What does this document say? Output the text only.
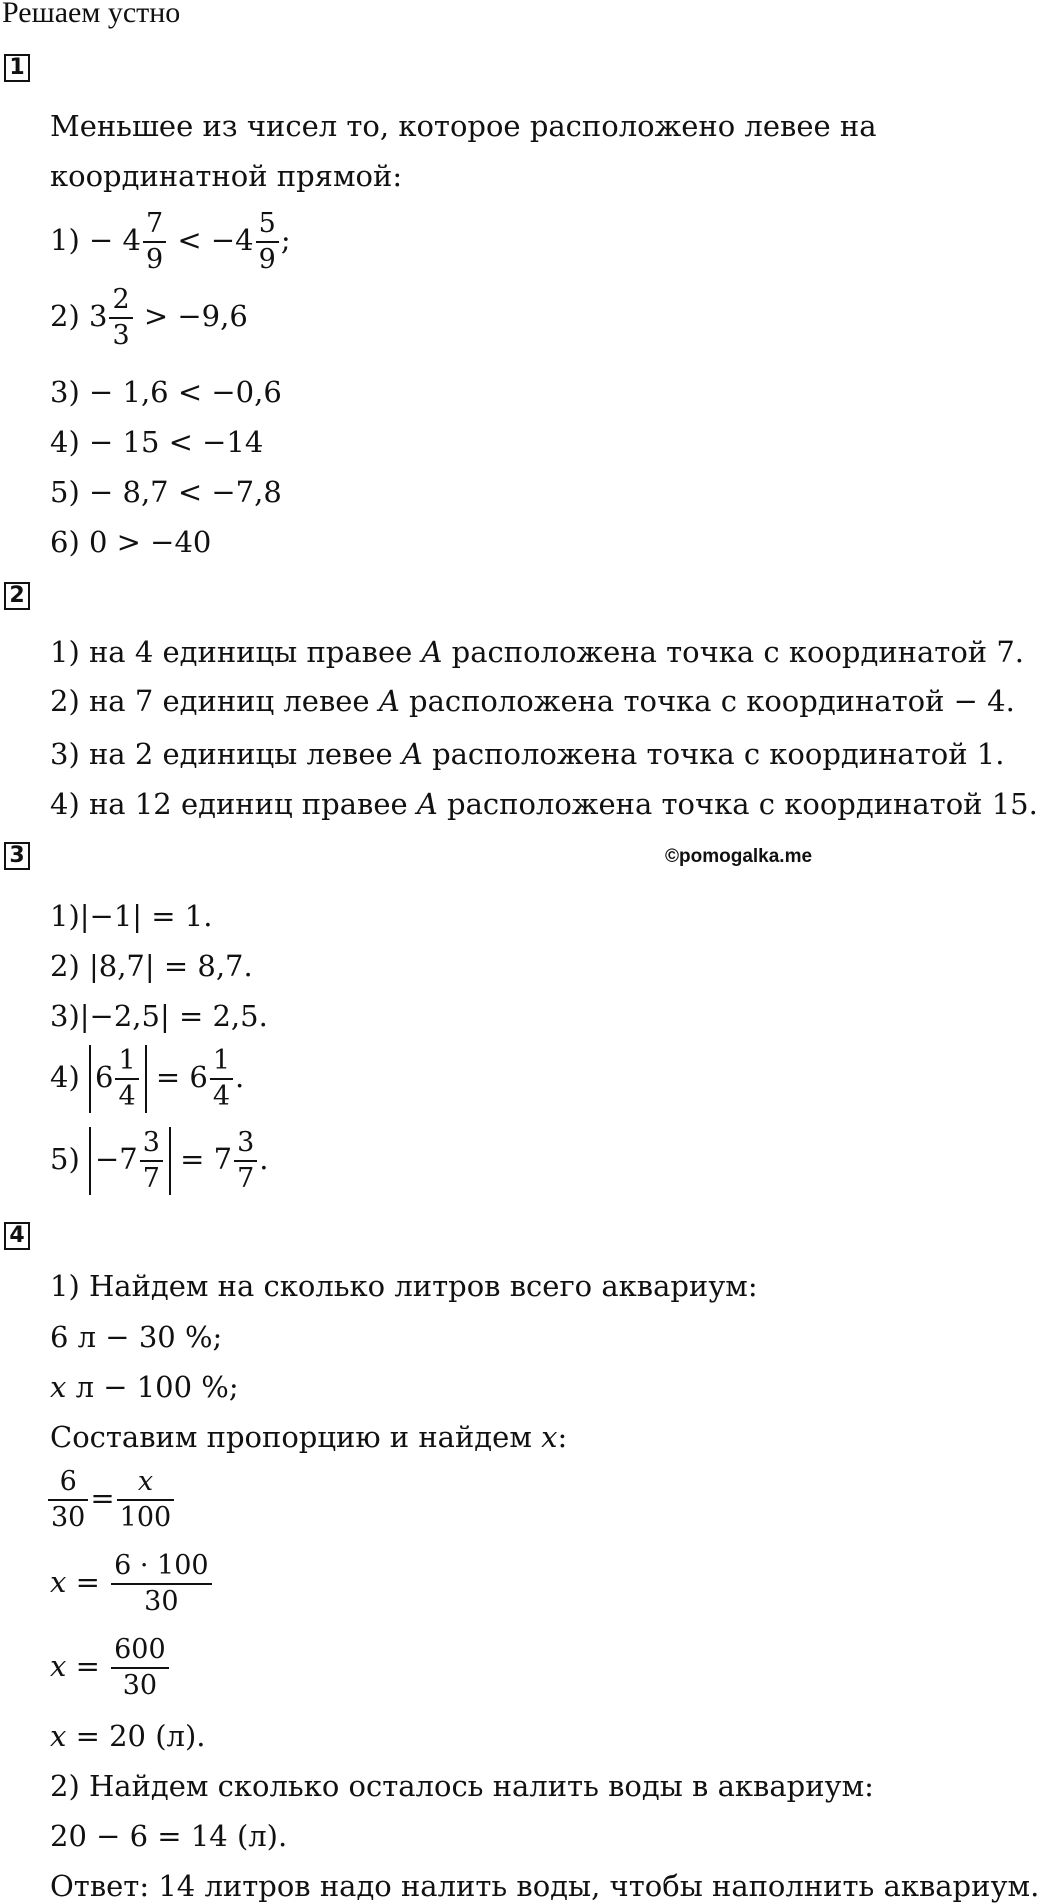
Решаем устно
1
Меньшее из чисел то, которое расположено левее на
координатной прямой:
$1) - 4 \frac{7}{9} < -4 \frac{5}{9}$ ;
2) $3 \frac{2}{3} > -9,6$
3) − 1,6 < −0,6
4) − 15 < −14
5) − 8,7 < −7,8
6) 0 > −40
2
1) на 4 единицы правее A расположена точка с координатой 7.
2) на 7 единиц левее A расположена точка с координатой − 4.
3) на 2 единицы левее A расположена точка с координатой 1.
4) на 12 единиц правее A расположена точка с координатой 15.
3	©pomogalka.me
1)|−1| = 1.
2) |8,7| = 8,7.
3)|−2,5| = 2,5.
4) $6 \frac{1}{4} = 6 \frac{1}{4}$ .
$5) -7 \frac{3}{7} = 7 \frac{3}{7}$ .
4
1) Найдем на сколько литров всего аквариум:
6 л − 30 %;
x л − 100 %;
Составим пропорцию и найдем x:
$\frac{6}{30} = \frac{x}{100}$
$x = \frac{6 \cdot 100}{30}$
$x = \frac{600}{30}$
x = 20 (л).
2) Найдем сколько осталось налить воды в аквариум:
20 − 6 = 14 (л).
Ответ: 14 литров надо налить воды, чтобы наполнить аквариум.
